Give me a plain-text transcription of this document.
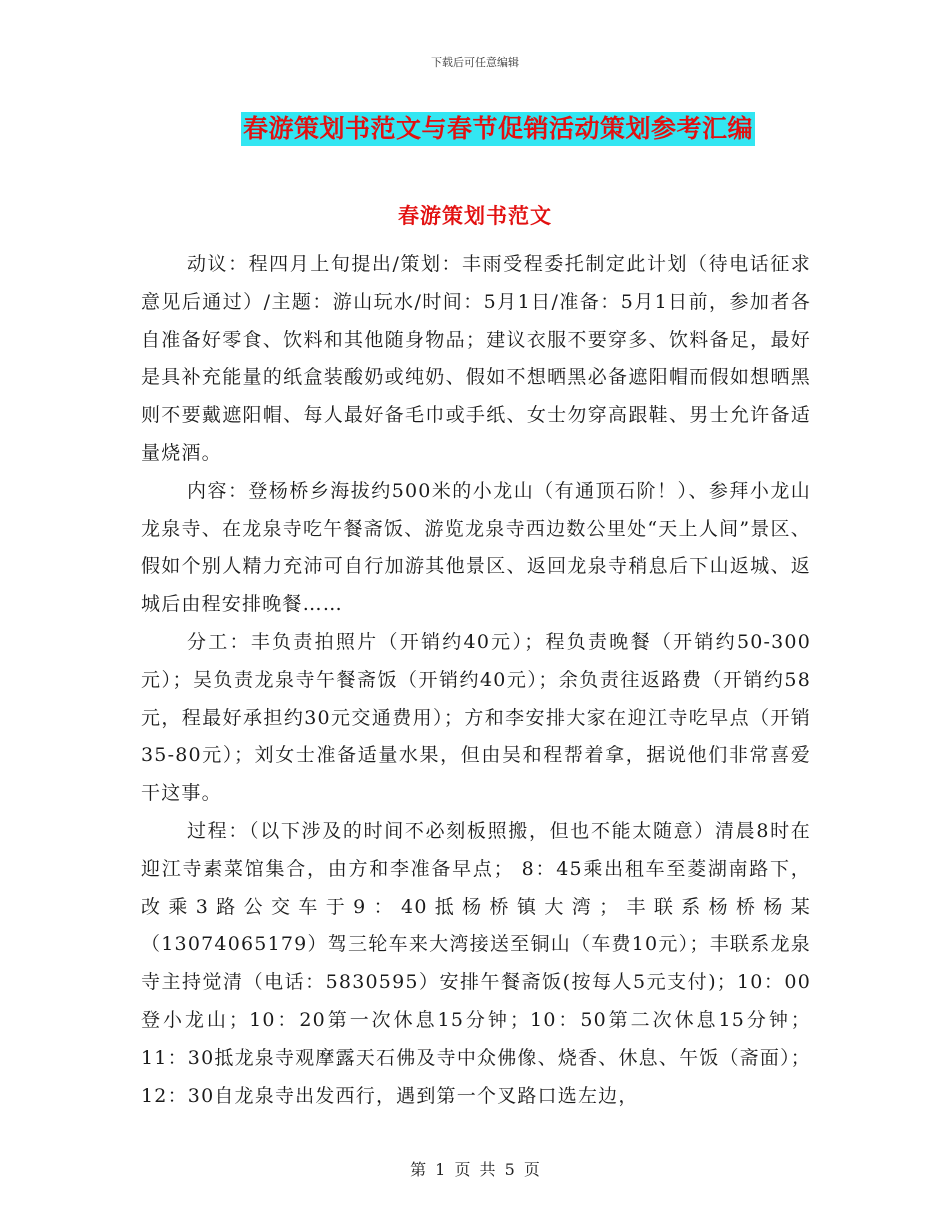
下载后可任意编辑
春游策划书范文与春节促销活动策划参考汇编
春游策划书范文

动议：程四月上旬提出/策划：丰雨受程委托制定此计划（待电话征求意见后通过）/主题：游山玩水/时间：5月1日/准备：5月1日前，参加者各自准备好零食、饮料和其他随身物品；建议衣服不要穿多、饮料备足，最好是具补充能量的纸盒装酸奶或纯奶、假如不想晒黑必备遮阳帽而假如想晒黑则不要戴遮阳帽、每人最好备毛巾或手纸、女士勿穿高跟鞋、男士允许备适量烧酒。

内容：登杨桥乡海拔约500米的小龙山（有通顶石阶！）、参拜小龙山龙泉寺、在龙泉寺吃午餐斋饭、游览龙泉寺西边数公里处“天上人间”景区、假如个别人精力充沛可自行加游其他景区、返回龙泉寺稍息后下山返城、返城后由程安排晚餐……

分工：丰负责拍照片（开销约40元）；程负责晚餐（开销约50-300元）；吴负责龙泉寺午餐斋饭（开销约40元）；余负责往返路费（开销约58元，程最好承担约30元交通费用）；方和李安排大家在迎江寺吃早点（开销35-80元）；刘女士准备适量水果，但由吴和程帮着拿，据说他们非常喜爱干这事。

过程：（以下涉及的时间不必刻板照搬，但也不能太随意）清晨8时在迎江寺素菜馆集合，由方和李准备早点； 8：45乘出租车至菱湖南路下，改乘3路公交车于9：40抵杨桥镇大湾；丰联系杨桥杨某（13074065179）驾三轮车来大湾接送至铜山（车费10元）；丰联系龙泉寺主持觉清（电话：5830595）安排午餐斋饭(按每人5元支付)；10：00登小龙山；10：20第一次休息15分钟；10：50第二次休息15分钟； 11：30抵龙泉寺观摩露天石佛及寺中众佛像、烧香、休息、午饭（斋面）； 12：30自龙泉寺出发西行，遇到第一个叉路口选左边，

第 1 页 共 5 页
